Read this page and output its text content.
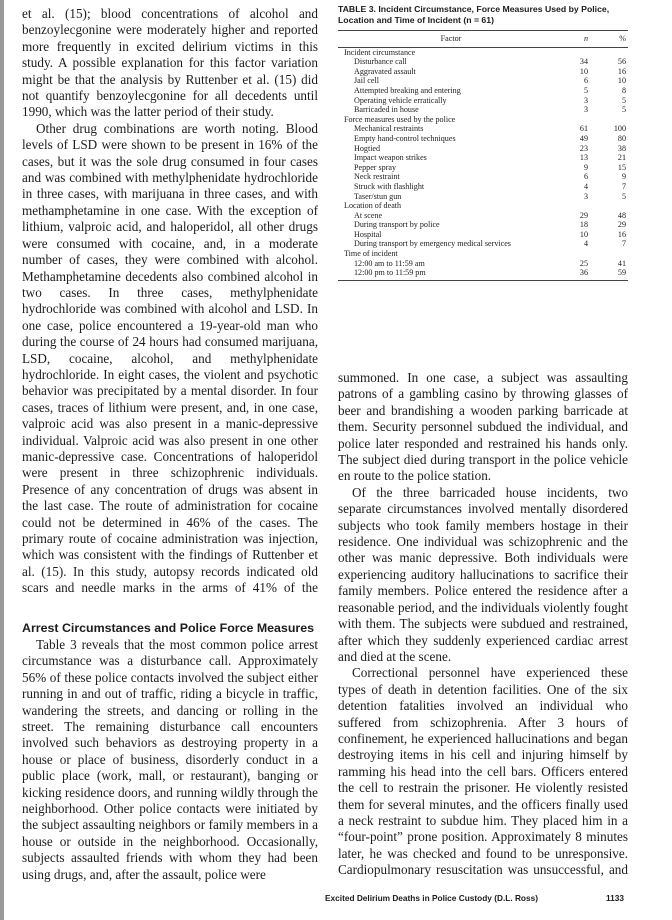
et al. (15); blood concentrations of alcohol and benzoylecgonine were moderately higher and reported more frequently in excited delirium victims in this study. A possible explanation for this factor variation might be that the analysis by Ruttenber et al. (15) did not quantify benzoylecgonine for all decedents until 1990, which was the latter period of their study.

Other drug combinations are worth noting. Blood levels of LSD were shown to be present in 16% of the cases, but it was the sole drug consumed in four cases and was combined with methylphenidate hydrochloride in three cases, with marijuana in three cases, and with methamphetamine in one case. With the exception of lithium, valproic acid, and haloperidol, all other drugs were consumed with cocaine, and, in a moderate number of cases, they were combined with alcohol. Methamphetamine decedents also combined alcohol in two cases. In three cases, methylphenidate hydrochloride was combined with alcohol and LSD. In one case, police encountered a 19-year-old man who during the course of 24 hours had consumed marijuana, LSD, cocaine, alcohol, and methylphenidate hydrochloride. In eight cases, the violent and psychotic behavior was precipitated by a mental disorder. In four cases, traces of lithium were present, and, in one case, valproic acid was also present in a manic-depressive individual. Valproic acid was also present in one other manic-depressive case. Concentrations of haloperidol were present in three schizophrenic individuals. Presence of any concentration of drugs was absent in the last case. The route of administration for cocaine could not be determined in 46% of the cases. The primary route of cocaine administration was injection, which was consistent with the findings of Ruttenber et al. (15). In this study, autopsy records indicated old scars and needle marks in the arms of 41% of the

Arrest Circumstances and Police Force Measures

Table 3 reveals that the most common police arrest circumstance was a disturbance call. Approximately 56% of these police contacts involved the subject either running in and out of traffic, riding a bicycle in traffic, wandering the streets, and dancing or rolling in the street. The remaining disturbance call encounters involved such behaviors as destroying property in a house or place of business, disorderly conduct in a public place (work, mall, or restaurant), banging or kicking residence doors, and running wildly through the neighborhood. Other police contacts were initiated by the subject assaulting neighbors or family members in a house or outside in the neighborhood. Occasionally, subjects assaulted friends with whom they had been using drugs, and, after the assault, police were

TABLE 3. Incident Circumstance, Force Measures Used by Police, Location and Time of Incident (n = 61)
Factor	n	%
Incident circumstance		
Disturbance call	34	56
Aggravated assault	10	16
Jail cell	6	10
Attempted breaking and entering	5	8
Operating vehicle erratically	3	5
Barricaded in house	3	5
Force measures used by the police		
Mechanical restraints	61	100
Empty hand-control techniques	49	80
Hogtied	23	38
Impact weapon strikes	13	21
Pepper spray	9	15
Neck restraint	6	9
Struck with flashlight	4	7
Taser/stun gun	3	5
Location of death		
At scene	29	48
During transport by police	18	29
Hospital	10	16
During transport by emergency medical services	4	7
Time of incident		
12:00 am to 11:59 am	25	41
12:00 pm to 11:59 pm	36	59

summoned. In one case, a subject was assaulting patrons of a gambling casino by throwing glasses of beer and brandishing a wooden parking barricade at them. Security personnel subdued the individual, and police later responded and restrained his hands only. The subject died during transport in the police vehicle en route to the police station.

Of the three barricaded house incidents, two separate circumstances involved mentally disordered subjects who took family members hostage in their residence. One individual was schizophrenic and the other was manic depressive. Both individuals were experiencing auditory hallucinations to sacrifice their family members. Police entered the residence after a reasonable period, and the individuals violently fought with them. The subjects were subdued and restrained, after which they suddenly experienced cardiac arrest and died at the scene.

Correctional personnel have experienced these types of death in detention facilities. One of the six detention fatalities involved an individual who suffered from schizophrenia. After 3 hours of confinement, he experienced hallucinations and began destroying items in his cell and injuring himself by ramming his head into the cell bars. Officers entered the cell to restrain the prisoner. He violently resisted them for several minutes, and the officers finally used a neck restraint to subdue him. They placed him in a “four-point” prone position. Approximately 8 minutes later, he was checked and found to be unresponsive. Cardiopulmonary resuscitation was unsuccessful, and

Excited Delirium Deaths in Police Custody (D.L. Ross)	1133
